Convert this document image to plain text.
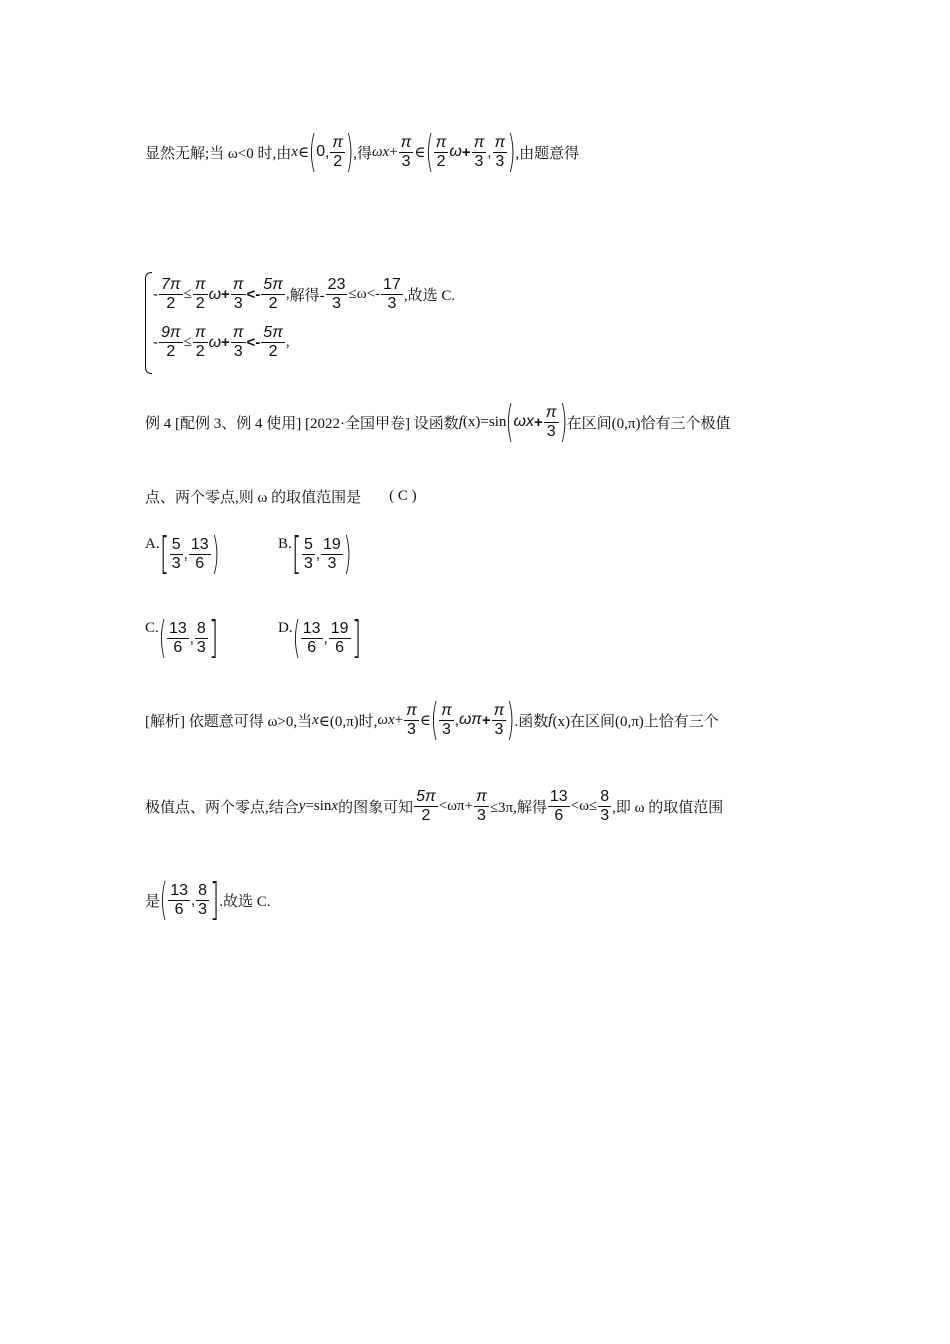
显然无解;当 ω<0 时,由 x ∈ ( 0 , $\frac{\pi}{2}$ ) ,得 $\omega x + \frac{\pi}{3}$ ∈ ( $\frac{\pi}{2}$ $\omega + \frac{\pi}{3}$ , $\frac{\pi}{3}$ ) ,由题意得
- $\frac{7\pi}{2} \le \frac{\pi}{2}$ $\omega + \frac{\pi}{3} <- \frac{5\pi}{2}$ , 解得- $\frac{23}{3} \le\omega<- \frac{17}{3}$ ,故选 C.
- $\frac{9\pi}{2} \le \frac{\pi}{2}$ $\omega + \frac{\pi}{3} <- \frac{5\pi}{2}$ ,
例 4 [配例 3、例 4 使用] [2022·全国甲卷] 设函数 f (x)=sin ( $\omega x + \frac{\pi}{3}$ ) 在区间(0,π)恰有三个极值
点、两个零点,则 ω 的取值范围是 ( C )
A. [ $\frac{5}{3}$ , $\frac{13}{6}$ )	B. [ $\frac{5}{3}$ , $\frac{19}{3}$ )
C. ( $\frac{13}{6}$ , $\frac{8}{3}$ ]	D. ( $\frac{13}{6}$ , $\frac{19}{6}$ ]
[解析] 依题意可得 ω>0,当 x ∈(0,π)时, $\omega x + \frac{\pi}{3}$ ∈ ( $\frac{\pi}{3}$ , $\omega\pi + \frac{\pi}{3}$ ) .函数 f (x)在区间(0,π)上恰有三个
极值点、两个零点,结合 y =sin x 的图象可知 $\frac{5\pi}{2} <\omega\pi+ \frac{\pi}{3} \le 3\pi$,解得 $\frac{13}{6} <\omega\le \frac{8}{3}$ ,即 ω 的取值范围
是 ( $\frac{13}{6}$ , $\frac{8}{3}$ ] .故选 C.
